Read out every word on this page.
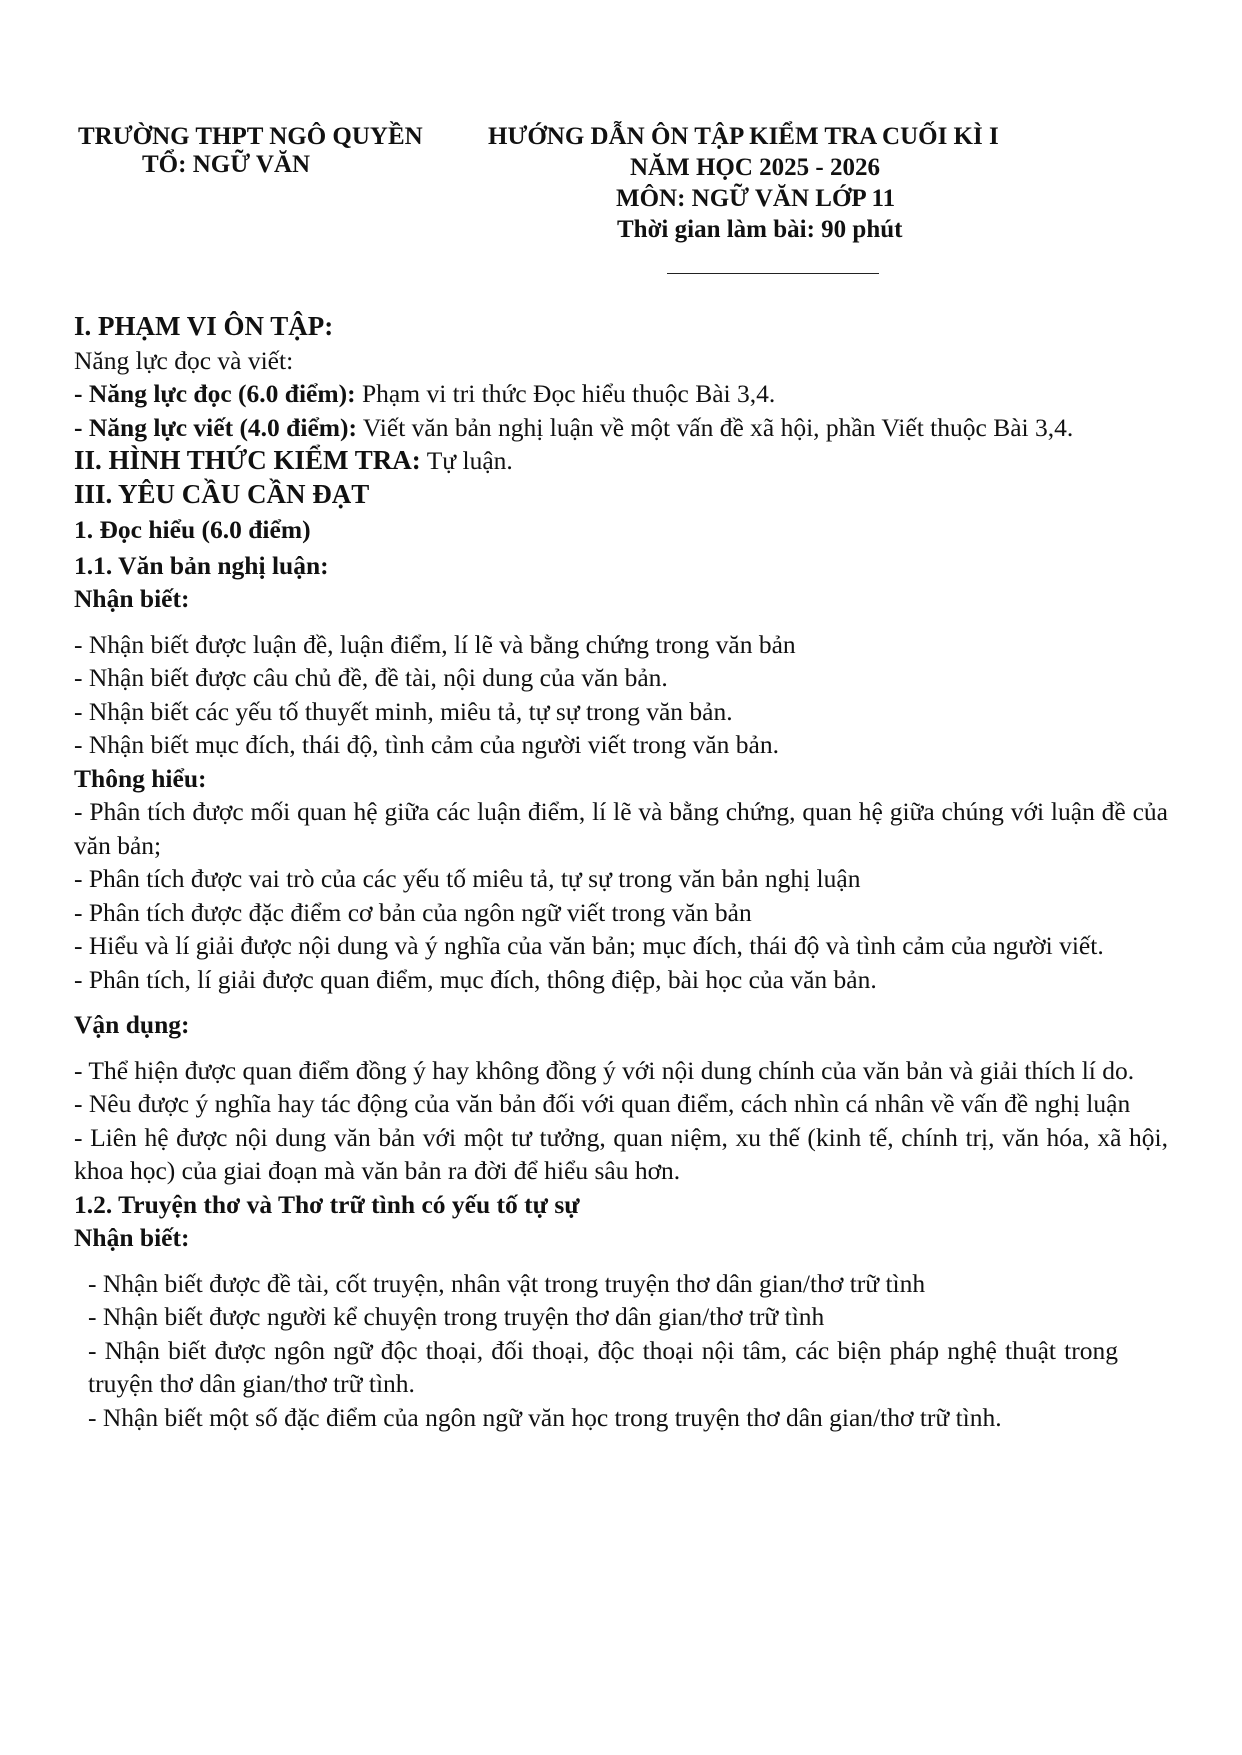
TRƯỜNG THPT NGÔ QUYỀN
TỔ: NGỮ VĂN
HƯỚNG DẪN ÔN TẬP KIỂM TRA CUỐI KÌ I
NĂM HỌC 2025 - 2026
MÔN: NGỮ VĂN LỚP 11
Thời gian làm bài: 90 phút

I. PHẠM VI ÔN TẬP:

Năng lực đọc và viết:

- Năng lực đọc (6.0 điểm): Phạm vi tri thức Đọc hiểu thuộc Bài 3,4.

- Năng lực viết (4.0 điểm): Viết văn bản nghị luận về một vấn đề xã hội, phần Viết thuộc Bài 3,4.

II. HÌNH THỨC KIỂM TRA: Tự luận.

III. YÊU CẦU CẦN ĐẠT

1. Đọc hiểu (6.0 điểm)

1.1. Văn bản nghị luận:

Nhận biết:

- Nhận biết được luận đề, luận điểm, lí lẽ và bằng chứng trong văn bản

- Nhận biết được câu chủ đề, đề tài, nội dung của văn bản.

- Nhận biết các yếu tố thuyết minh, miêu tả, tự sự trong văn bản.

- Nhận biết mục đích, thái độ, tình cảm của người viết trong văn bản.

Thông hiểu:

- Phân tích được mối quan hệ giữa các luận điểm, lí lẽ và bằng chứng, quan hệ giữa chúng với luận đề của văn bản;

- Phân tích được vai trò của các yếu tố miêu tả, tự sự trong văn bản nghị luận

- Phân tích được đặc điểm cơ bản của ngôn ngữ viết trong văn bản

- Hiểu và lí giải được nội dung và ý nghĩa của văn bản; mục đích, thái độ và tình cảm của người viết.

- Phân tích, lí giải được quan điểm, mục đích, thông điệp, bài học của văn bản.

Vận dụng:

- Thể hiện được quan điểm đồng ý hay không đồng ý với nội dung chính của văn bản và giải thích lí do.

- Nêu được ý nghĩa hay tác động của văn bản đối với quan điểm, cách nhìn cá nhân về vấn đề nghị luận

- Liên hệ được nội dung văn bản với một tư tưởng, quan niệm, xu thế (kinh tế, chính trị, văn hóa, xã hội, khoa học) của giai đoạn mà văn bản ra đời để hiểu sâu hơn.

1.2. Truyện thơ và Thơ trữ tình có yếu tố tự sự

Nhận biết:

- Nhận biết được đề tài, cốt truyện, nhân vật trong truyện thơ dân gian/thơ trữ tình

- Nhận biết được người kể chuyện trong truyện thơ dân gian/thơ trữ tình

- Nhận biết được ngôn ngữ độc thoại, đối thoại, độc thoại nội tâm, các biện pháp nghệ thuật trong truyện thơ dân gian/thơ trữ tình.

- Nhận biết một số đặc điểm của ngôn ngữ văn học trong truyện thơ dân gian/thơ trữ tình.
